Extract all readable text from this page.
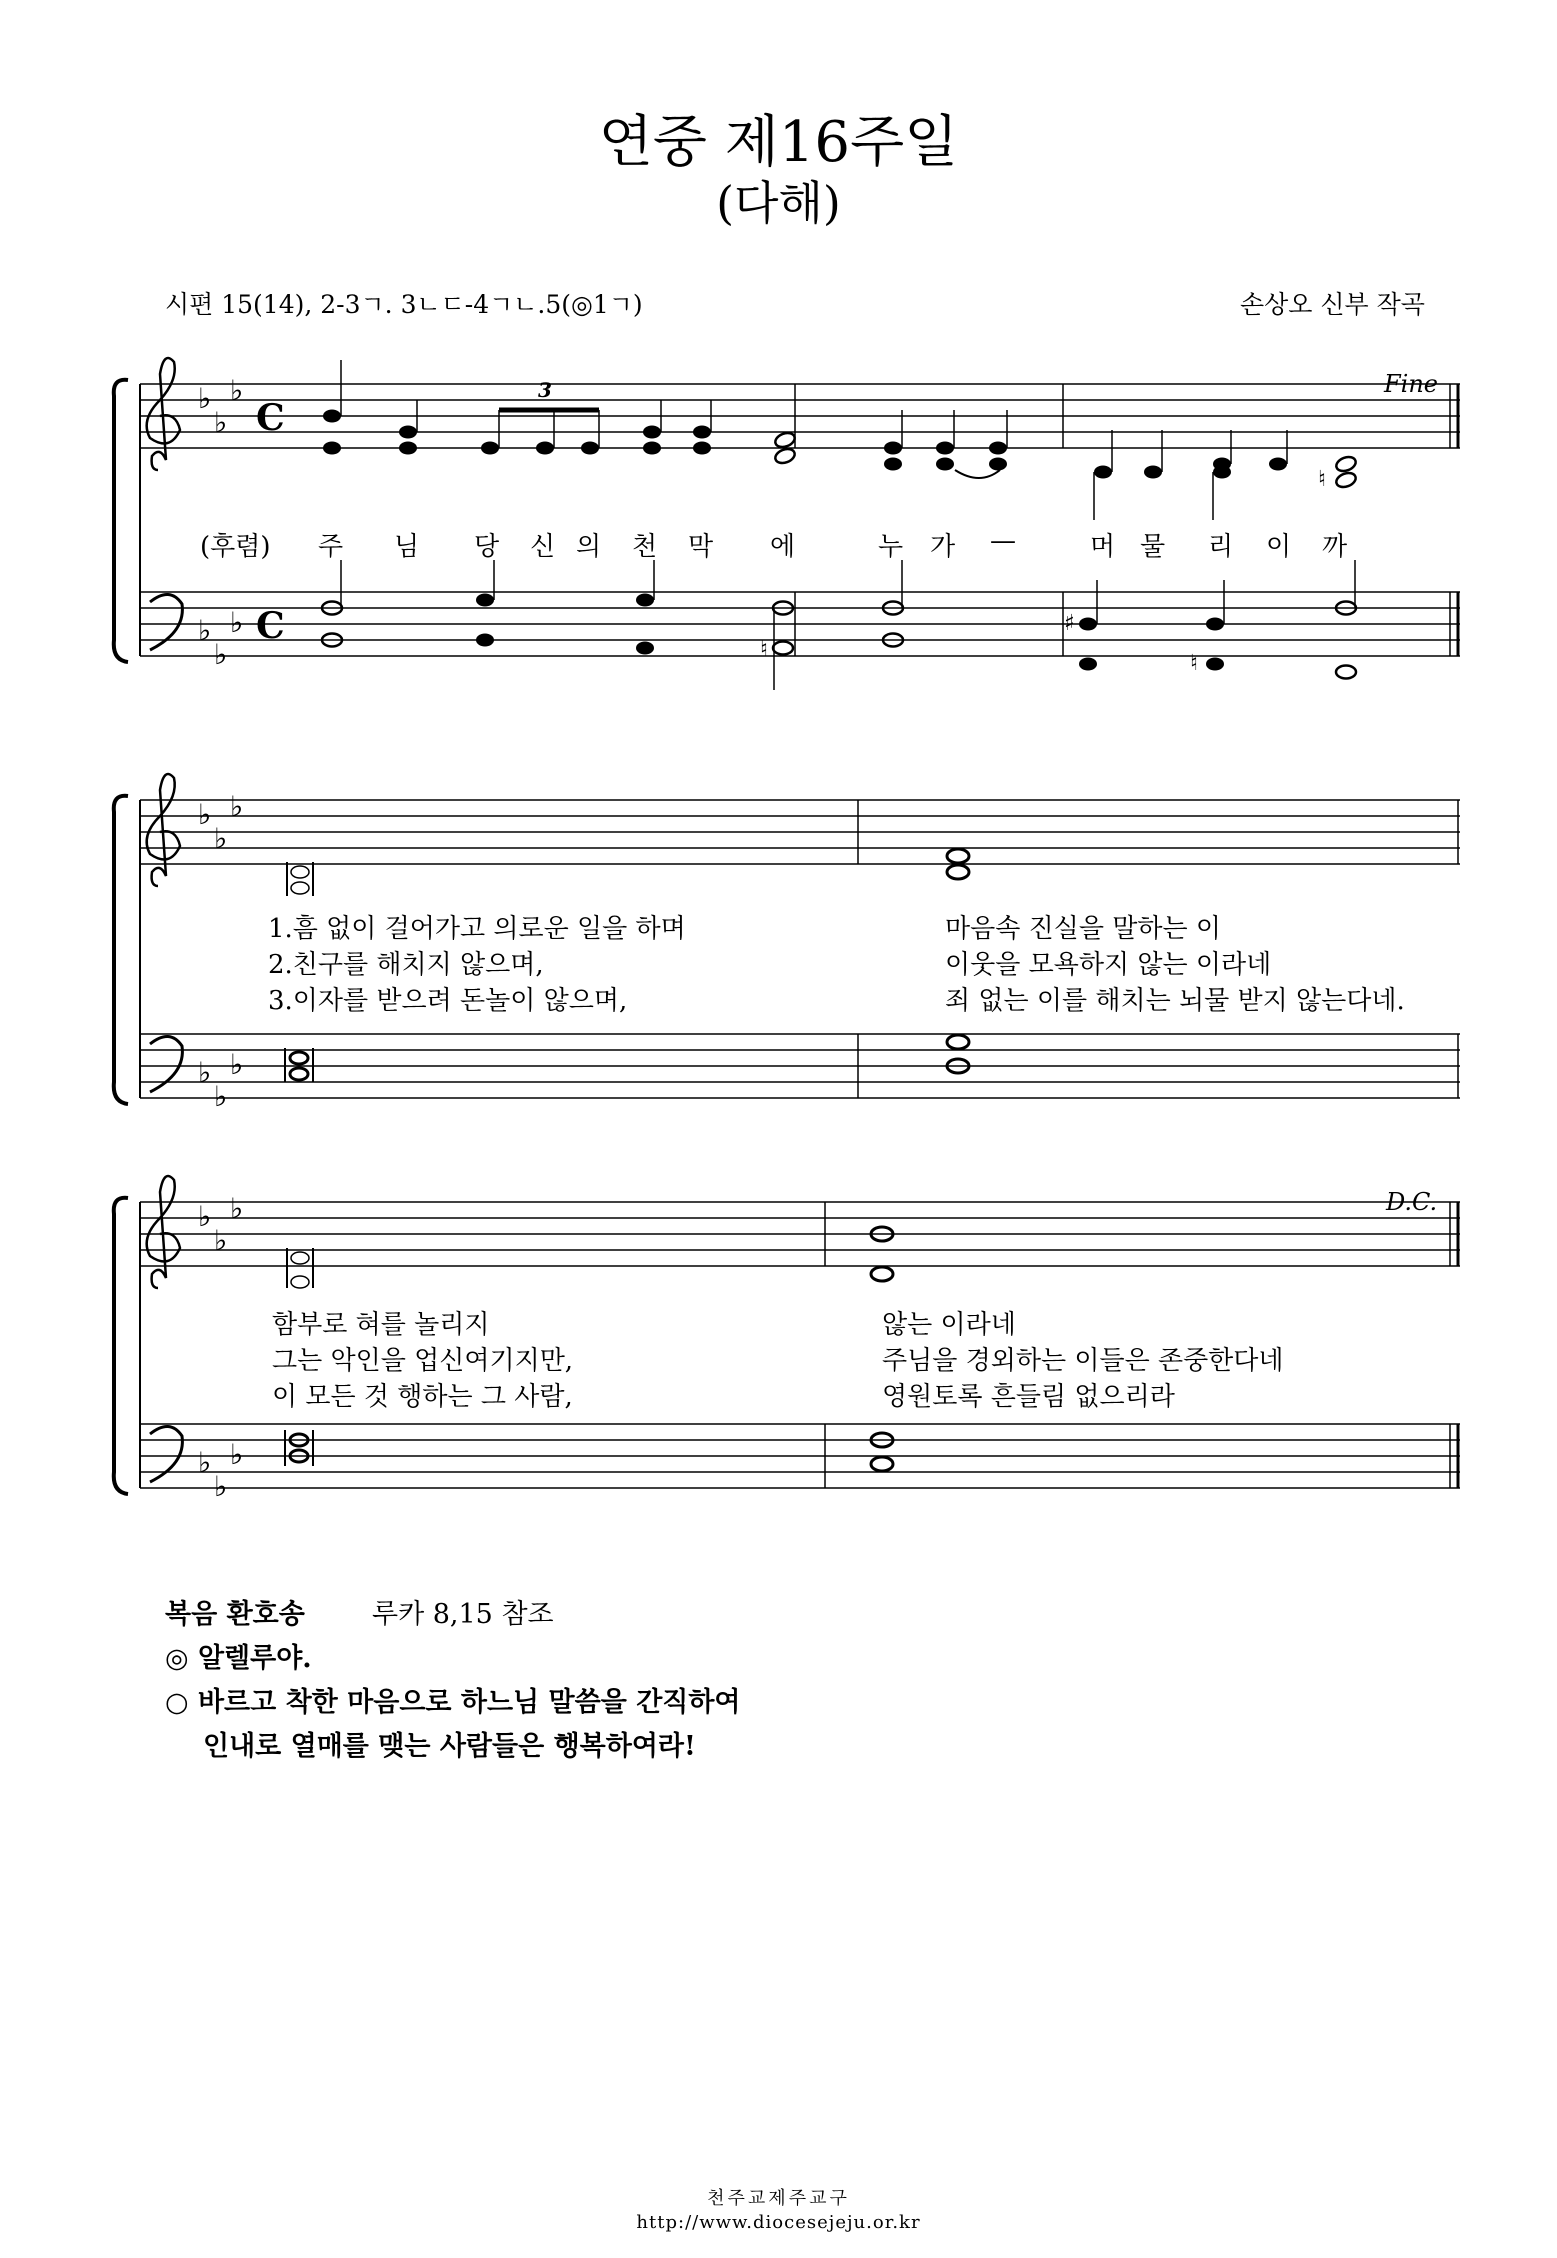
연중 제16주일
(다해)
시편 15(14), 2-3ㄱ. 3ㄴㄷ-4ㄱㄴ.5(◎1ㄱ)	손상오 신부 작곡
♭
♭
♭
♭
♭
♭
C
C
♮
♮
♯
♮
♭
♭
♭
♭
♭
♭
♭
♭
♭
♭
♭
♭
3	Fine
(후렴) 주 님 당 신 의 천 막 에	누 가 —	머 물 리 이 까
1.흠 없이 걸어가고 의로운 일을 하며
2.친구를 해치지 않으며,
3.이자를 받으려 돈놀이 않으며,
마음속 진실을 말하는 이
이웃을 모욕하지 않는 이라네
죄 없는 이를 해치는 뇌물 받지 않는다네.
D.C.
함부로 혀를 놀리지
그는 악인을 업신여기지만,
이 모든 것 행하는 그 사람,
않는 이라네
주님을 경외하는 이들은 존중한다네
영원토록 흔들림 없으리라
복음 환호송 루카 8,15 참조
◎ 알렐루야.
○ 바르고 착한 마음으로 하느님 말씀을 간직하여
인내로 열매를 맺는 사람들은 행복하여라!
천주교제주교구
http://www.diocesejeju.or.kr
